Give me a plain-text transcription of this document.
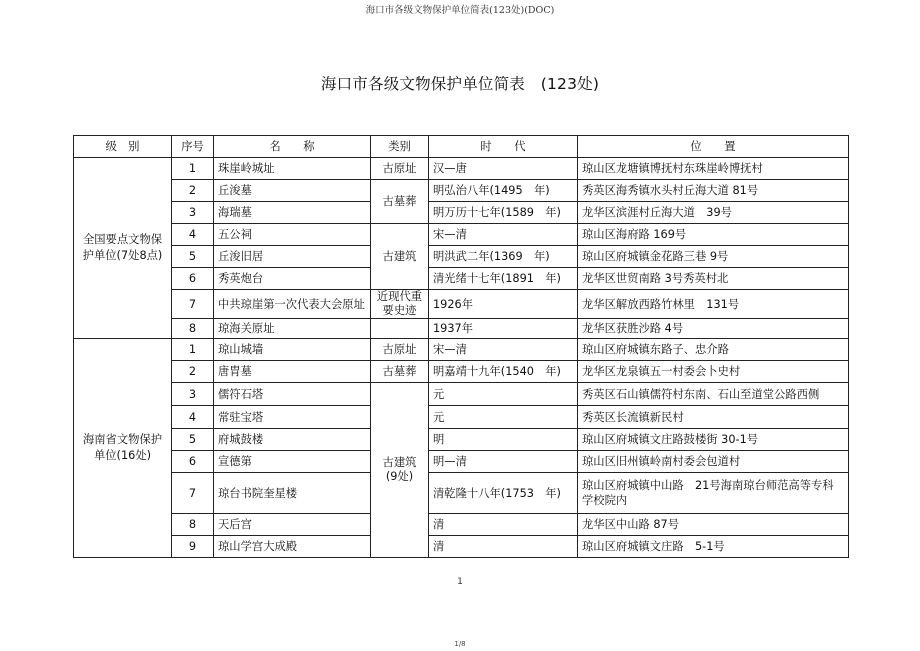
海口市各级文物保护单位简表(123处)(DOC)
海口市各级文物保护单位简表　(123处)
级　别	序号	名　　称	类别	时　　代	位　　置
全国要点文物保护单位(7处8点)	1	珠崖岭城址	古原址	汉—唐	琼山区龙塘镇博抚村东珠崖岭博抚村
	2	丘浚墓	古墓葬	明弘治八年(1495　年)	秀英区海秀镇水头村丘海大道 81号
	3	海瑞墓		明万历十七年(1589　年)	龙华区滨涯村丘海大道　39号
	4	五公祠	古建筑	宋—清	琼山区海府路 169号
	5	丘浚旧居		明洪武二年(1369　年)	琼山区府城镇金花路三巷 9号
	6	秀英炮台		清光绪十七年(1891　年)	龙华区世贸南路 3号秀英村北
	7	中共琼崖第一次代表大会原址	近现代重要史迹	1926年	龙华区解放西路竹林里　131号
	8	琼海关原址		1937年	龙华区获胜沙路 4号
海南省文物保护单位(16处)	1	琼山城墙	古原址	宋—清	琼山区府城镇东路子、忠介路
	2	唐胄墓	古墓葬	明嘉靖十九年(1540　年)	龙华区龙泉镇五一村委会卜史村
	3	儒符石塔	古建筑(9处)	元	秀英区石山镇儒符村东南、石山至道堂公路西侧
	4	常驻宝塔		元	秀英区长流镇新民村
	5	府城鼓楼		明	琼山区府城镇文庄路鼓楼街 30-1号
	6	宣德第		明—清	琼山区旧州镇岭南村委会包道村
	7	琼台书院奎星楼		清乾隆十八年(1753　年)	琼山区府城镇中山路　21号海南琼台师范高等专科学校院内
	8	天后宫		清	龙华区中山路 87号
	9	琼山学宫大成殿		清	琼山区府城镇文庄路　5-1号
1
1/8
